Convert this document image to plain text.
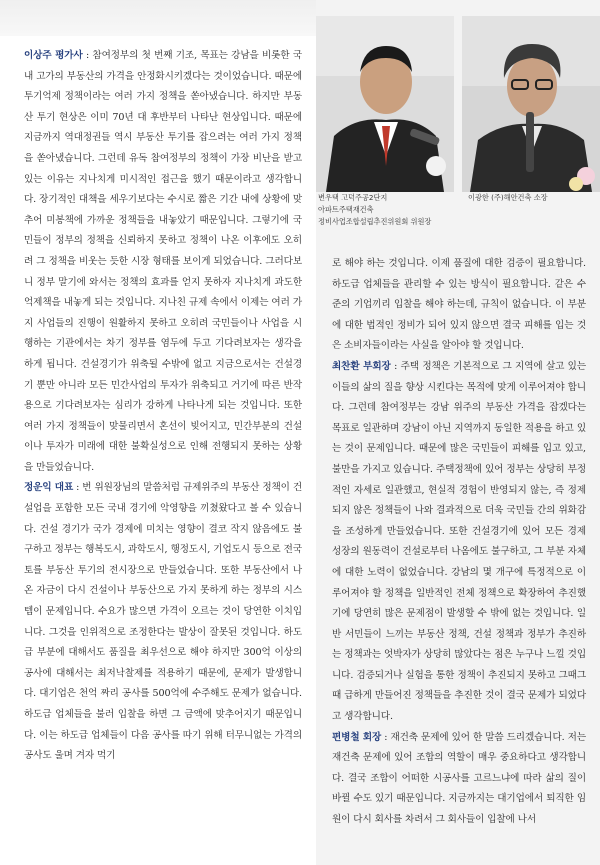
이상주 평가사 : 참여정부의 첫 번째 기조, 목표는 강남을 비롯한 국내 고가의 부동산의 가격을 안정화시키겠다는 것이었습니다. 때문에 투기억제 정책이라는 여러 가지 정책을 쏟아냈습니다. 하지만 부동산 투기 현상은 이미 70년 대 후반부터 나타난 현상입니다. 때문에 지금까지 역대정권들 역시 부동산 투기를 잡으려는 여러 가지 정책을 쏟아냈습니다. 그런데 유독 참여정부의 정책이 가장 비난을 받고 있는 이유는 지나치게 미시적인 접근을 했기 때문이라고 생각합니다. 장기적인 대책을 세우기보다는 수시로 짧은 기간 내에 상황에 맞추어 미봉책에 가까운 정책들을 내놓았기 때문입니다. 그렇기에 국민들이 정부의 정책을 신뢰하지 못하고 정책이 나온 이후에도 오히려 그 정책을 비웃는 듯한 시장 형태를 보이게 되었습니다. 그러다보니 정부 말기에 와서는 정책의 효과를 얻지 못하자 지나치게 과도한 억제책을 내놓게 되는 것입니다. 지나친 규제 속에서 이제는 여러 가지 사업들의 진행이 원활하지 못하고 오히려 국민들이나 사업을 시행하는 기관에서는 차기 정부를 염두에 두고 기다려보자는 생각을 하게 됩니다. 건설경기가 위축될 수밖에 없고 지금으로서는 건설경기 뿐만 아니라 모든 민간사업의 투자가 위축되고 거기에 따른 반작용으로 기다려보자는 심리가 강하게 나타나게 되는 것입니다. 또한 여러 가지 정책들이 맞물리면서 혼선이 빚어지고, 민간부분의 건설이나 투자가 미래에 대한 불확실성으로 인해 전행되지 못하는 상황을 만들었습니다.

정운익 대표 : 번 위원장님의 말씀처럼 규제위주의 부동산 정책이 건설업을 포함한 모든 국내 경기에 악영향을 끼쳤왔다고 볼 수 있습니다. 건설 경기가 국가 경제에 미치는 영향이 결코 작지 않음에도 불구하고 정부는 행복도시, 과학도시, 행정도시, 기업도시 등으로 전국토를 부동산 투기의 전시장으로 만들었습니다. 또한 부동산에서 나온 자금이 다시 건설이나 부동산으로 가지 못하게 하는 정부의 시스템이 문제입니다. 수요가 많으면 가격이 오르는 것이 당연한 이치입니다. 그것을 인위적으로 조정한다는 발상이 잘못된 것입니다. 하도급 부분에 대해서도 품질을 최우선으로 해야 하지만 300억 이상의 공사에 대해서는 최저낙찰제를 적용하기 때문에, 문제가 발생합니다. 대기업은 천억 짜리 공사를 500억에 수주해도 문제가 없습니다. 하도급 업체들을 불러 입찰을 하면 그 금액에 맞추어지기 때문입니다. 이는 하도급 업체들이 다음 공사를 따기 위해 터무니없는 가격의 공사도 울며 겨자 먹기

변우택 고덕주공2단지
아파트주택재건축
정비사업조합설립추진위원회 위원장
이광한 (주)해안건축 소장

로 해야 하는 것입니다. 이제 품질에 대한 검증이 필요합니다. 하도급 업체들을 관리할 수 있는 방식이 필요합니다. 같은 수준의 기업끼리 입찰을 해야 하는데, 규칙이 없습니다. 이 부분에 대한 법적인 정비가 되어 있지 않으면 결국 피해를 입는 것은 소비자들이라는 사실을 알아야 할 것입니다.

최찬환 부회장 : 주택 정책은 기본적으로 그 지역에 살고 있는 이들의 삶의 질을 향상 시킨다는 목적에 맞게 이루어져야 합니다. 그런데 참여정부는 강남 위주의 부동산 가격을 잡겠다는 목표로 일관하며 강남이 아닌 지역까지 동일한 적용을 하고 있는 것이 문제입니다. 때문에 많은 국민들이 피해를 입고 있고, 불만을 가지고 있습니다. 주택정책에 있어 정부는 상당히 부정적인 자세로 일관했고, 현실적 경험이 반영되지 않는, 즉 정제되지 않은 정책들이 나와 결과적으로 더욱 국민들 간의 위화감을 조성하게 만들었습니다. 또한 건설경기에 있어 모든 경제 성장의 원동력이 건설로부터 나옴에도 불구하고, 그 부분 자체에 대한 노력이 없었습니다. 강남의 몇 개구에 특정적으로 이루어져야 할 정책을 일반적인 전체 정책으로 확장하여 추진했기에 당연히 많은 문제점이 발생할 수 밖에 없는 것입니다. 일반 서민들이 느끼는 부동산 정책, 건설 정책과 정부가 추진하는 정책과는 엇박자가 상당히 많았다는 점은 누구나 느낄 것입니다. 검증되거나 실험을 통한 정책이 추진되지 못하고 그때그때 급하게 만들어진 정책들을 추진한 것이 결국 문제가 되었다고 생각합니다.

편병철 회장 : 재건축 문제에 있어 한 말씀 드리겠습니다. 저는 재건축 문제에 있어 조합의 역할이 매우 중요하다고 생각합니다. 결국 조합이 어떠한 시공사를 고르느냐에 따라 삶의 질이 바뀔 수도 있기 때문입니다. 지금까지는 대기업에서 퇴직한 임원이 다시 회사를 차려서 그 회사들이 입찰에 나서
